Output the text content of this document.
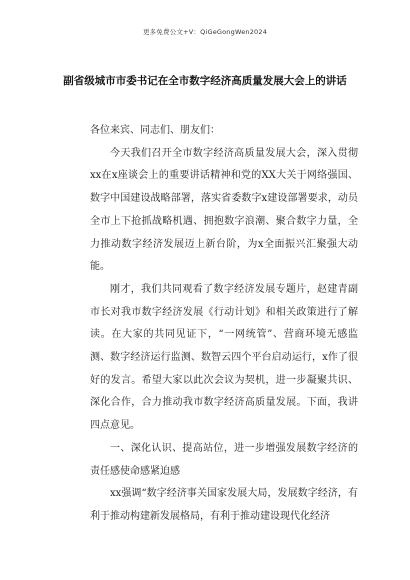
更多免费公文+V：QiGeGongWen2024
副省级城市市委书记在全市数字经济高质量发展大会上的讲话

各位来宾、同志们、朋友们：

今天我们召开全市数字经济高质量发展大会，深入贯彻xx在x座谈会上的重要讲话精神和党的XX大关于网络强国、数字中国建设战略部署，落实省委数字x建设部署要求，动员全市上下抢抓战略机遇、拥抱数字浪潮、聚合数字力量，全力推动数字经济发展迈上新台阶，为x全面振兴汇聚强大动能。

刚才，我们共同观看了数字经济发展专题片，赵建青副市长对我市数字经济发展《行动计划》和相关政策进行了解读。在大家的共同见证下，“一网统管”、营商环境无感监测、数字经济运行监测、数智云四个平台启动运行，x作了很好的发言。希望大家以此次会议为契机，进一步凝聚共识、深化合作，合力推动我市数字经济高质量发展。下面，我讲四点意见。

一、深化认识、提高站位，进一步增强发展数字经济的责任感使命感紧迫感

xx强调“数字经济事关国家发展大局，发展数字经济，有利于推动构建新发展格局，有利于推动建设现代化经济
